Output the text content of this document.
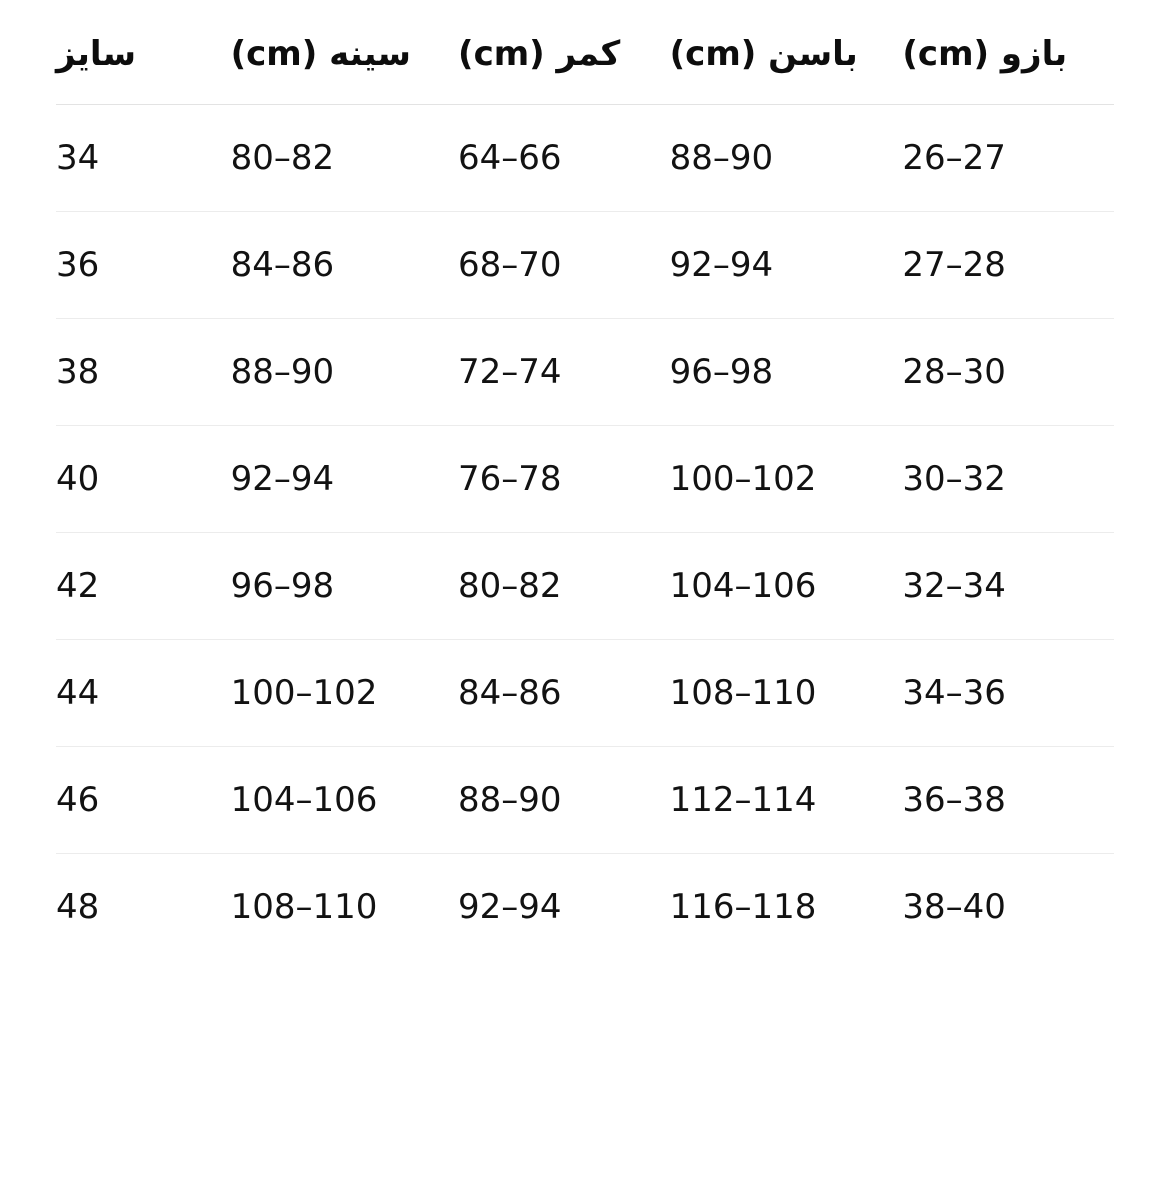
سایز	سینه (cm)	کمر (cm)	باسن (cm)	بازو (cm)
34	80–82	64–66	88–90	26–27
36	84–86	68–70	92–94	27–28
38	88–90	72–74	96–98	28–30
40	92–94	76–78	100–102	30–32
42	96–98	80–82	104–106	32–34
44	100–102	84–86	108–110	34–36
46	104–106	88–90	112–114	36–38
48	108–110	92–94	116–118	38–40
